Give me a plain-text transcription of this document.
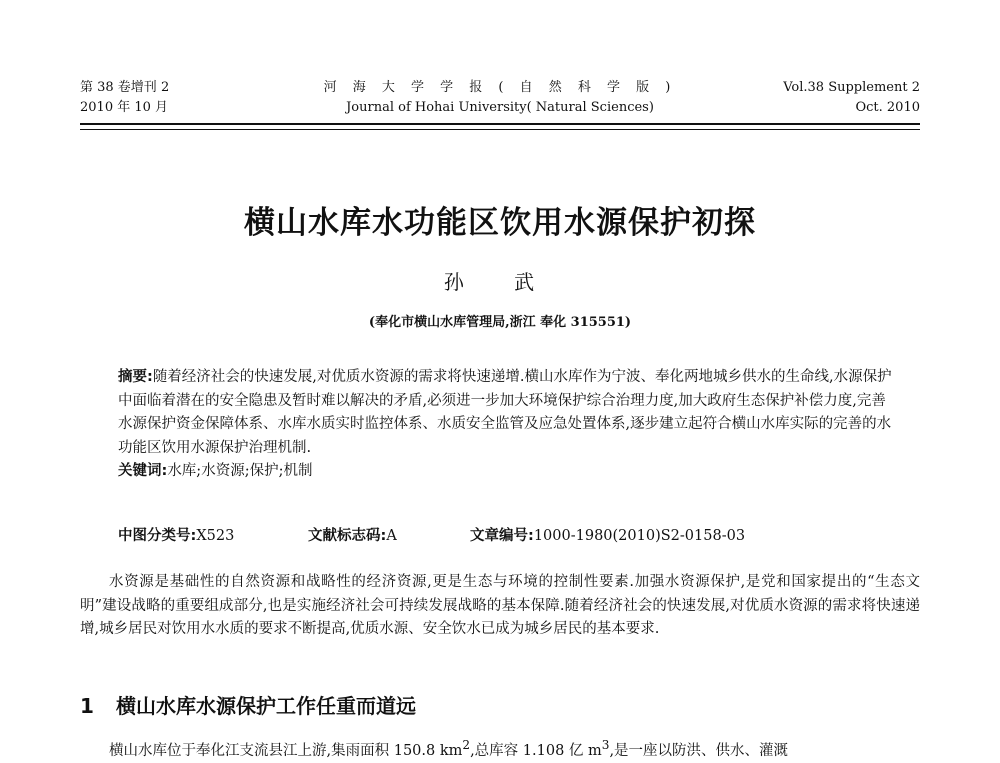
第 38 卷增刊 2
2010 年 10 月
河 海 大 学 学 报 ( 自 然 科 学 版 )
Journal of Hohai University( Natural Sciences)
Vol.38 Supplement 2
Oct. 2010
横山水库水功能区饮用水源保护初探
孙 武
(奉化市横山水库管理局,浙江 奉化 315551)

摘要:随着经济社会的快速发展,对优质水资源的需求将快速递增.横山水库作为宁波、奉化两地城乡供水的生命线,水源保护中面临着潜在的安全隐患及暂时难以解决的矛盾,必须进一步加大环境保护综合治理力度,加大政府生态保护补偿力度,完善水源保护资金保障体系、水库水质实时监控体系、水质安全监管及应急处置体系,逐步建立起符合横山水库实际的完善的水功能区饮用水源保护治理机制.

关键词:水库;水资源;保护;机制

中图分类号:X523	文献标志码:A	文章编号:1000-1980(2010)S2-0158-03

水资源是基础性的自然资源和战略性的经济资源,更是生态与环境的控制性要素.加强水资源保护,是党和国家提出的“生态文明”建设战略的重要组成部分,也是实施经济社会可持续发展战略的基本保障.随着经济社会的快速发展,对优质水资源的需求将快速递增,城乡居民对饮用水水质的要求不断提高,优质水源、安全饮水已成为城乡居民的基本要求.

1 横山水库水源保护工作任重而道远

横山水库位于奉化江支流县江上游,集雨面积 150.8 $km^2$,总库容 1.108 亿 $m^3$,是一座以防洪、供水、灌溉
